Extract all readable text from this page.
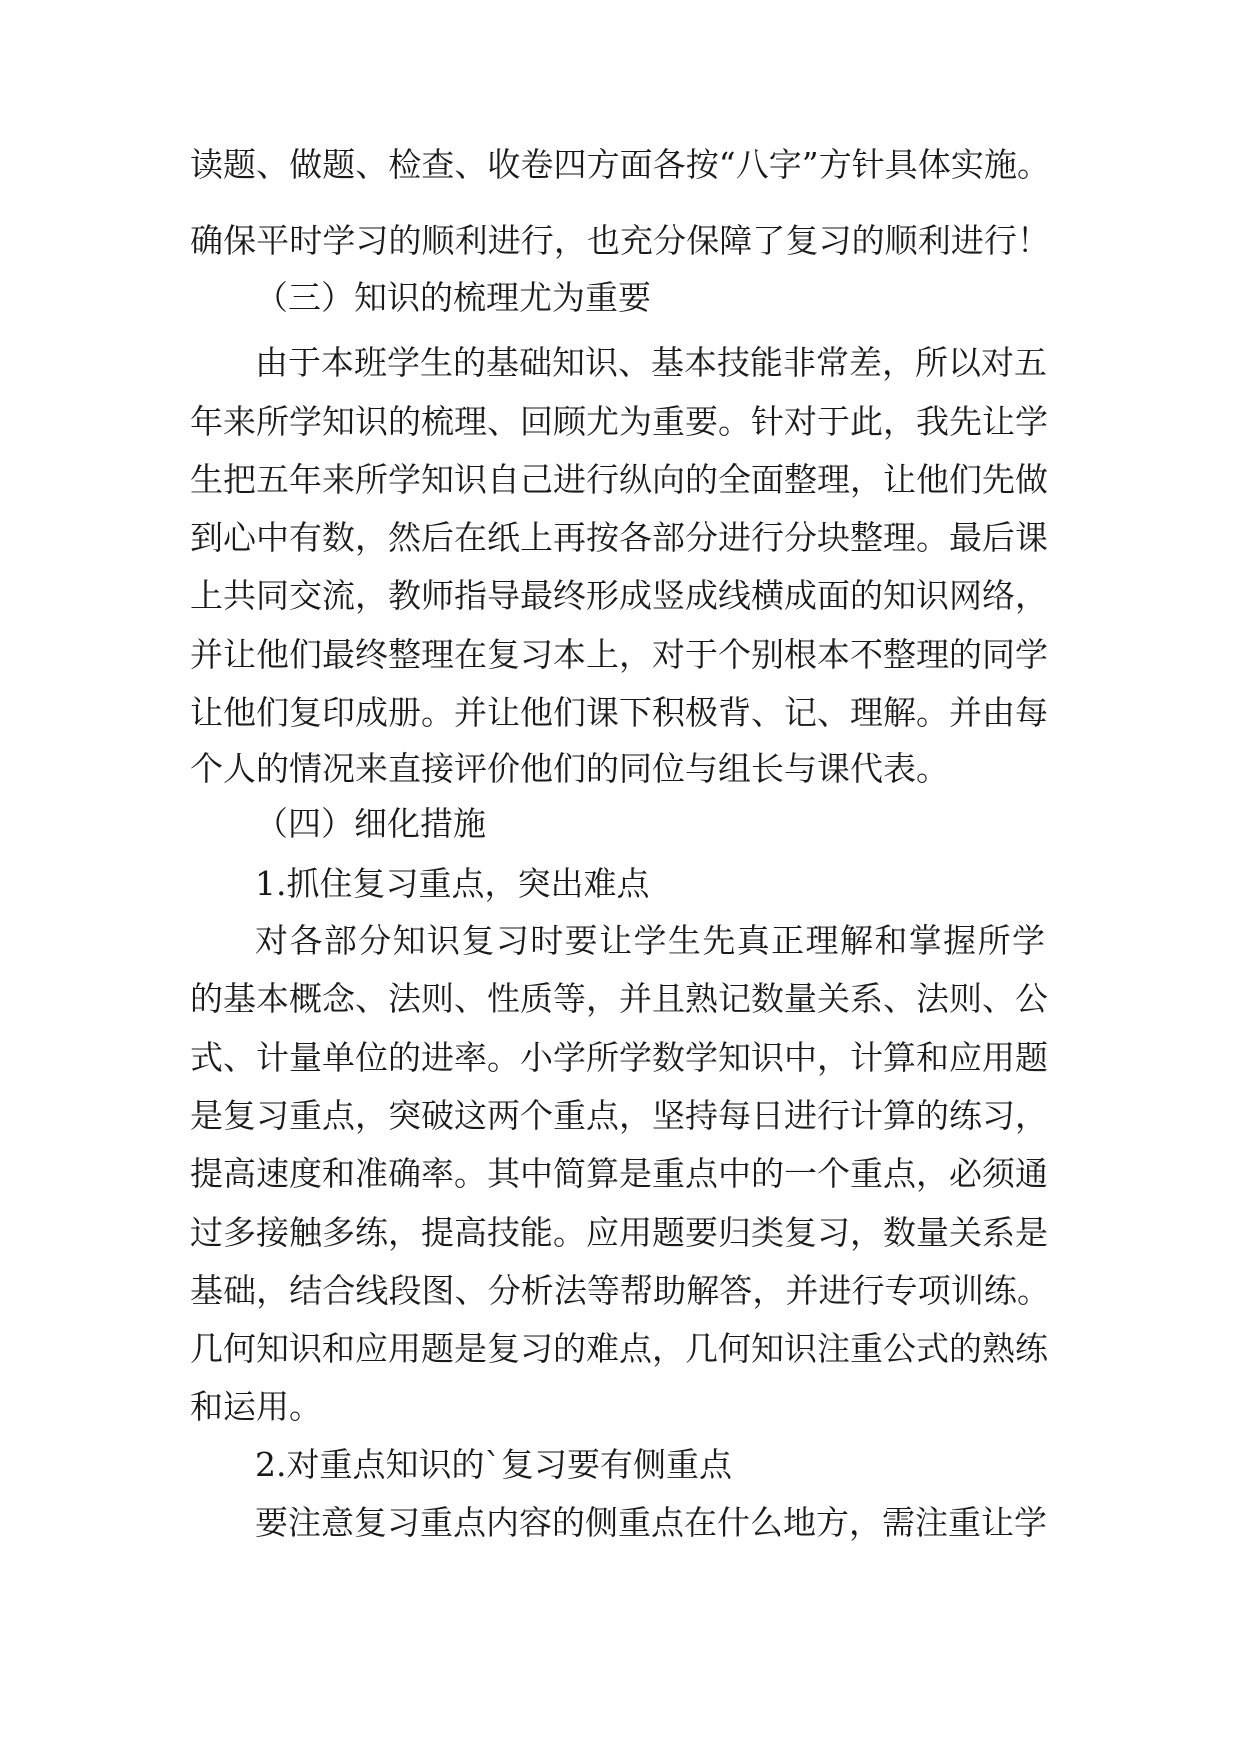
读题、做题、检查、收卷四方面各按“八字”方针具体实施。
确保平时学习的顺利进行，也充分保障了复习的顺利进行！
（三）知识的梳理尤为重要
由于本班学生的基础知识、基本技能非常差，所以对五
年来所学知识的梳理、回顾尤为重要。针对于此，我先让学
生把五年来所学知识自己进行纵向的全面整理，让他们先做
到心中有数，然后在纸上再按各部分进行分块整理。最后课
上共同交流，教师指导最终形成竖成线横成面的知识网络，
并让他们最终整理在复习本上，对于个别根本不整理的同学
让他们复印成册。并让他们课下积极背、记、理解。并由每
个人的情况来直接评价他们的同位与组长与课代表。
（四）细化措施
1.抓住复习重点，突出难点
对各部分知识复习时要让学生先真正理解和掌握所学
的基本概念、法则、性质等，并且熟记数量关系、法则、公
式、计量单位的进率。小学所学数学知识中，计算和应用题
是复习重点，突破这两个重点，坚持每日进行计算的练习，
提高速度和准确率。其中简算是重点中的一个重点，必须通
过多接触多练，提高技能。应用题要归类复习，数量关系是
基础，结合线段图、分析法等帮助解答，并进行专项训练。
几何知识和应用题是复习的难点，几何知识注重公式的熟练
和运用。
2.对重点知识的`复习要有侧重点
要注意复习重点内容的侧重点在什么地方，需注重让学
